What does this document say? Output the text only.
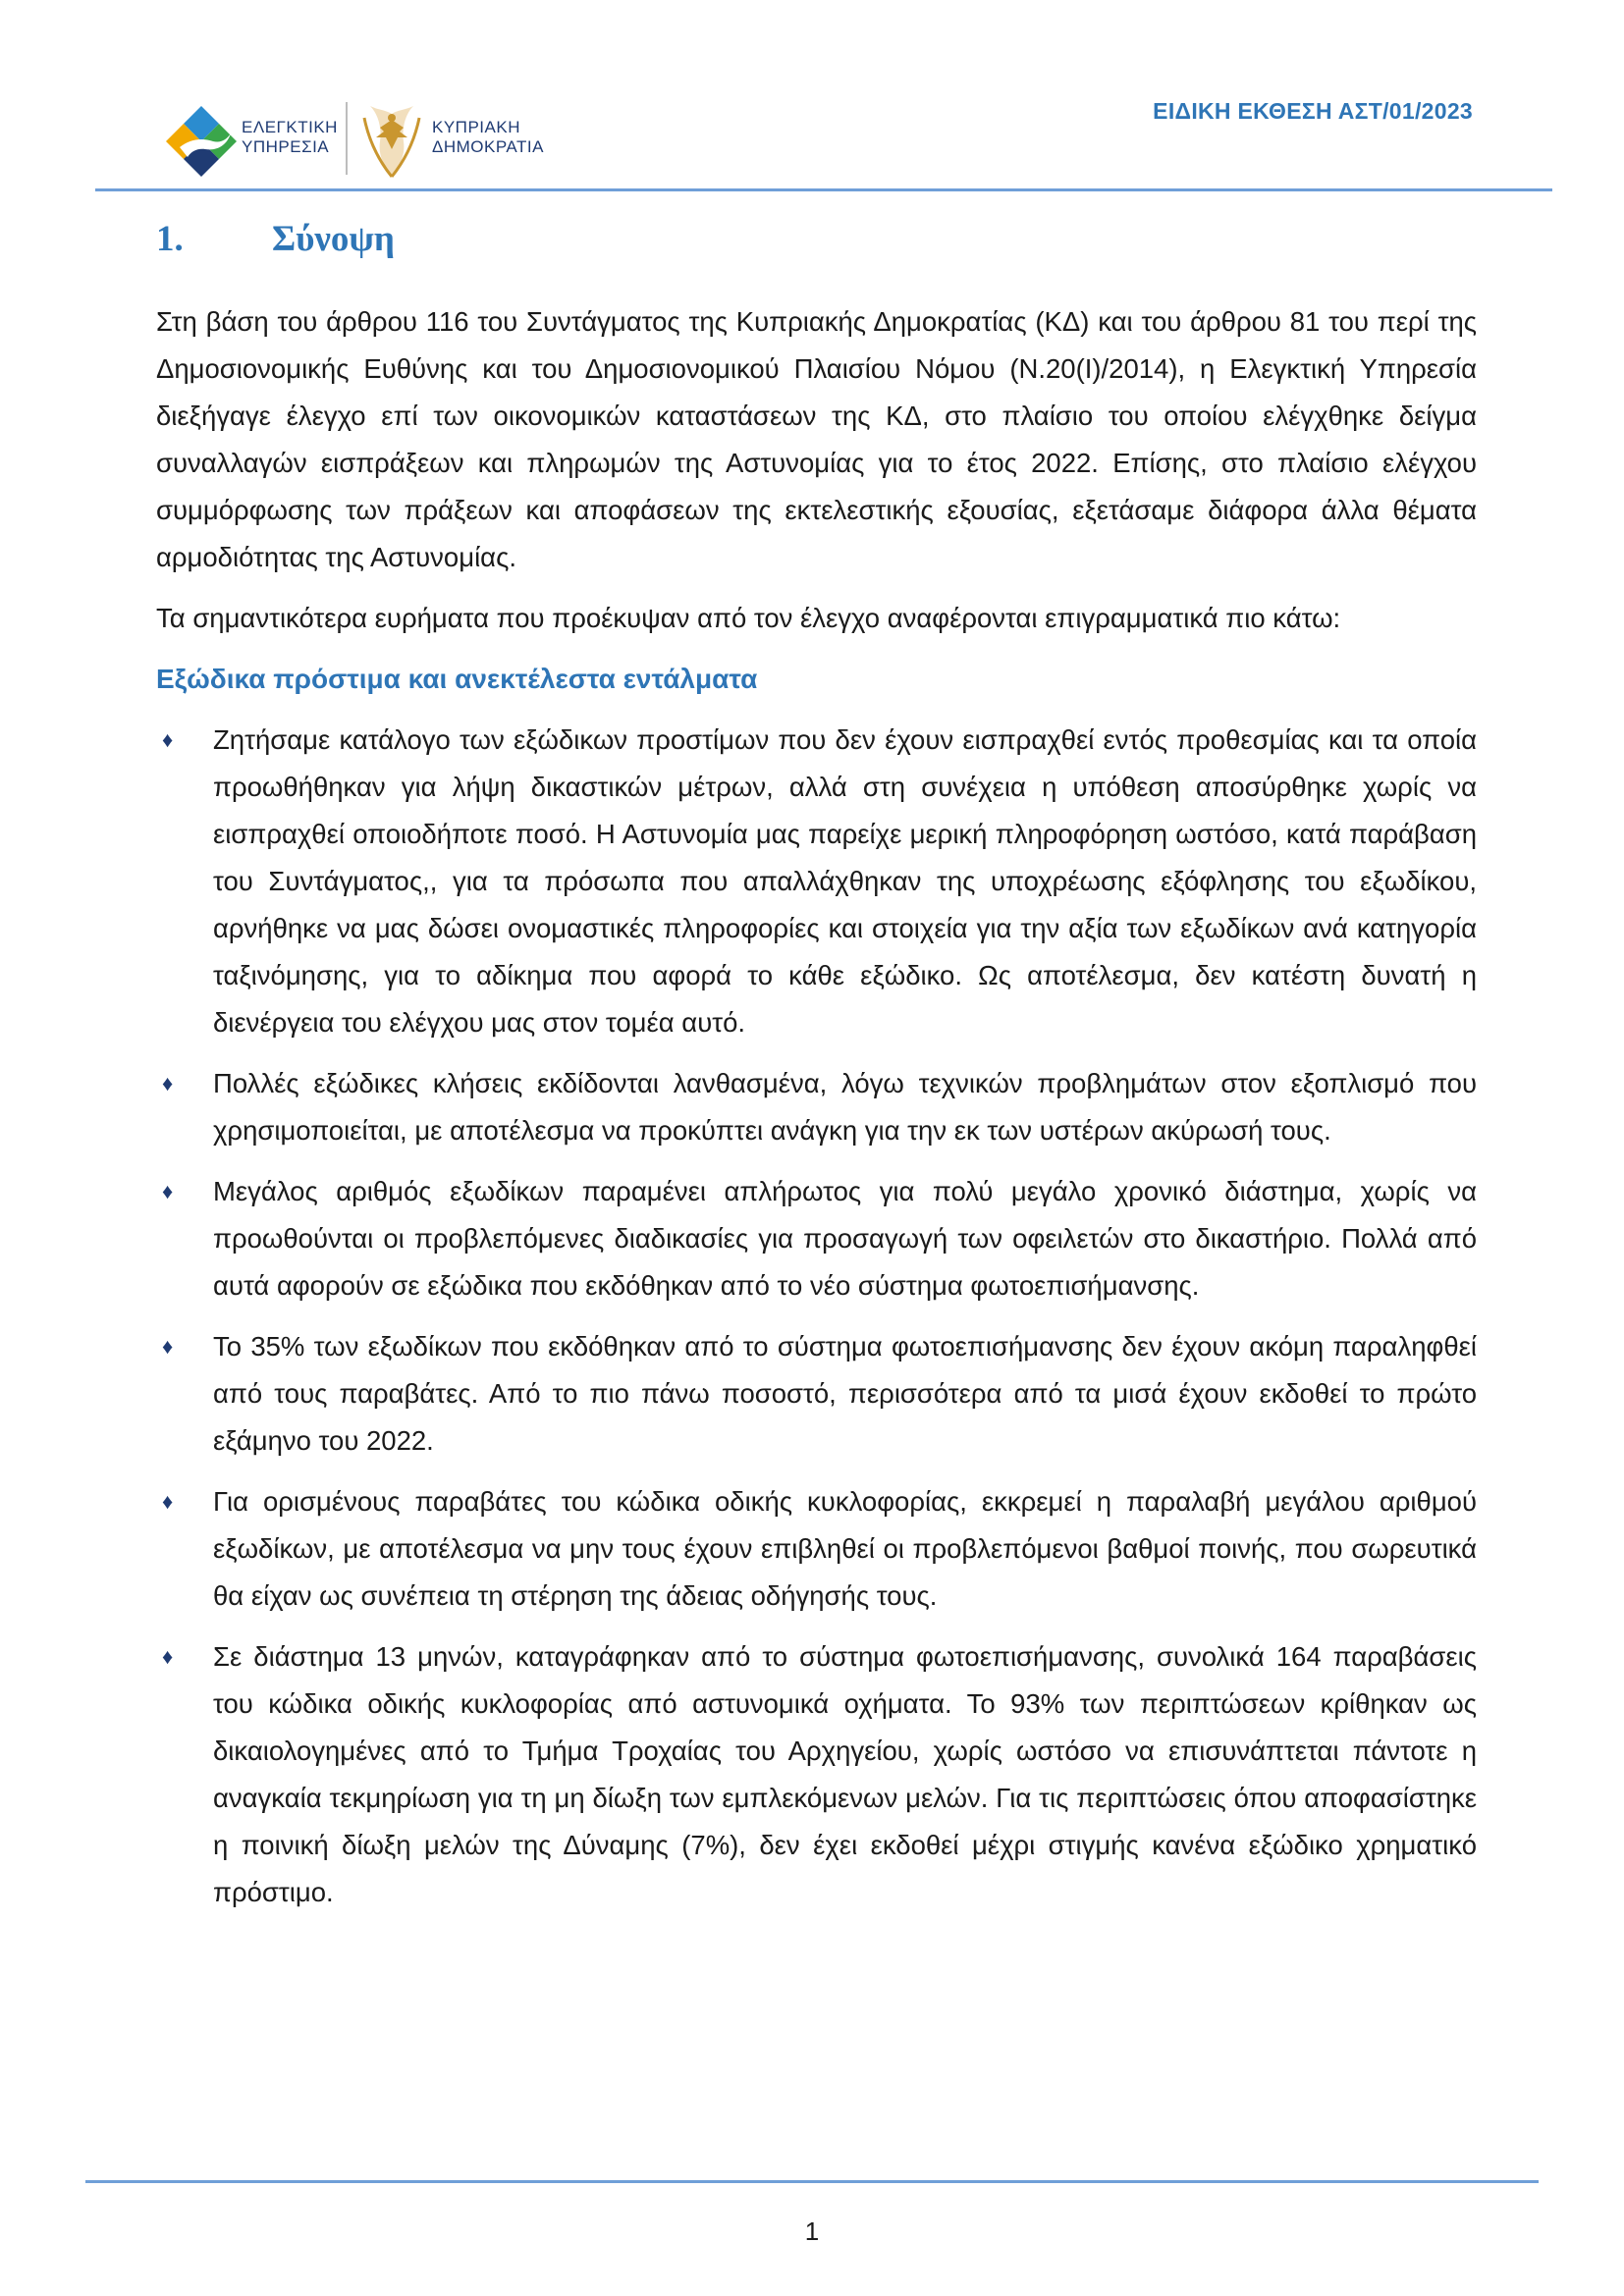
ΕΛΕΓΚΤΙΚΗ
ΥΠΗΡΕΣΙΑ
ΚΥΠΡΙΑΚΗ
ΔΗΜΟΚΡΑΤΙΑ
ΕΙΔΙΚΗ ΕΚΘΕΣΗ ΑΣΤ/01/2023
1. Σύνοψη

Στη βάση του άρθρου 116 του Συντάγματος της Κυπριακής Δημοκρατίας (ΚΔ) και του άρθρου 81 του περί της Δημοσιονομικής Ευθύνης και του Δημοσιονομικού Πλαισίου Νόμου (Ν.20(Ι)/2014), η Ελεγκτική Υπηρεσία διεξήγαγε έλεγχο επί των οικονομικών καταστάσεων της ΚΔ, στο πλαίσιο του οποίου ελέγχθηκε δείγμα συναλλαγών εισπράξεων και πληρωμών της Αστυνομίας για το έτος 2022. Επίσης, στο πλαίσιο ελέγχου συμμόρφωσης των πράξεων και αποφάσεων της εκτελεστικής εξουσίας, εξετάσαμε διάφορα άλλα θέματα αρμοδιότητας της Αστυνομίας.

Τα σημαντικότερα ευρήματα που προέκυψαν από τον έλεγχο αναφέρονται επιγραμματικά πιο κάτω:

Εξώδικα πρόστιμα και ανεκτέλεστα εντάλματα
♦ Ζητήσαμε κατάλογο των εξώδικων προστίμων που δεν έχουν εισπραχθεί εντός προθεσμίας και τα οποία προωθήθηκαν για λήψη δικαστικών μέτρων, αλλά στη συνέχεια η υπόθεση αποσύρθηκε χωρίς να εισπραχθεί οποιοδήποτε ποσό. Η Αστυνομία μας παρείχε μερική πληροφόρηση ωστόσο, κατά παράβαση του Συντάγματος,, για τα πρόσωπα που απαλλάχθηκαν της υποχρέωσης εξόφλησης του εξωδίκου, αρνήθηκε να μας δώσει ονομαστικές πληροφορίες και στοιχεία για την αξία των εξωδίκων ανά κατηγορία ταξινόμησης, για το αδίκημα που αφορά το κάθε εξώδικο. Ως αποτέλεσμα, δεν κατέστη δυνατή η διενέργεια του ελέγχου μας στον τομέα αυτό.
♦ Πολλές εξώδικες κλήσεις εκδίδονται λανθασμένα, λόγω τεχνικών προβλημάτων στον εξοπλισμό που χρησιμοποιείται, με αποτέλεσμα να προκύπτει ανάγκη για την εκ των υστέρων ακύρωσή τους.
♦ Μεγάλος αριθμός εξωδίκων παραμένει απλήρωτος για πολύ μεγάλο χρονικό διάστημα, χωρίς να προωθούνται οι προβλεπόμενες διαδικασίες για προσαγωγή των οφειλετών στο δικαστήριο. Πολλά από αυτά αφορούν σε εξώδικα που εκδόθηκαν από το νέο σύστημα φωτοεπισήμανσης.
♦ Το 35% των εξωδίκων που εκδόθηκαν από το σύστημα φωτοεπισήμανσης δεν έχουν ακόμη παραληφθεί από τους παραβάτες. Από το πιο πάνω ποσοστό, περισσότερα από τα μισά έχουν εκδοθεί το πρώτο εξάμηνο του 2022.
♦ Για ορισμένους παραβάτες του κώδικα οδικής κυκλοφορίας, εκκρεμεί η παραλαβή μεγάλου αριθμού εξωδίκων, με αποτέλεσμα να μην τους έχουν επιβληθεί οι προβλεπόμενοι βαθμοί ποινής, που σωρευτικά θα είχαν ως συνέπεια τη στέρηση της άδειας οδήγησής τους.
♦ Σε διάστημα 13 μηνών, καταγράφηκαν από το σύστημα φωτοεπισήμανσης, συνολικά 164 παραβάσεις του κώδικα οδικής κυκλοφορίας από αστυνομικά οχήματα. Το 93% των περιπτώσεων κρίθηκαν ως δικαιολογημένες από το Τμήμα Τροχαίας του Αρχηγείου, χωρίς ωστόσο να επισυνάπτεται πάντοτε η αναγκαία τεκμηρίωση για τη μη δίωξη των εμπλεκόμενων μελών. Για τις περιπτώσεις όπου αποφασίστηκε η ποινική δίωξη μελών της Δύναμης (7%), δεν έχει εκδοθεί μέχρι στιγμής κανένα εξώδικο χρηματικό πρόστιμο.
1
